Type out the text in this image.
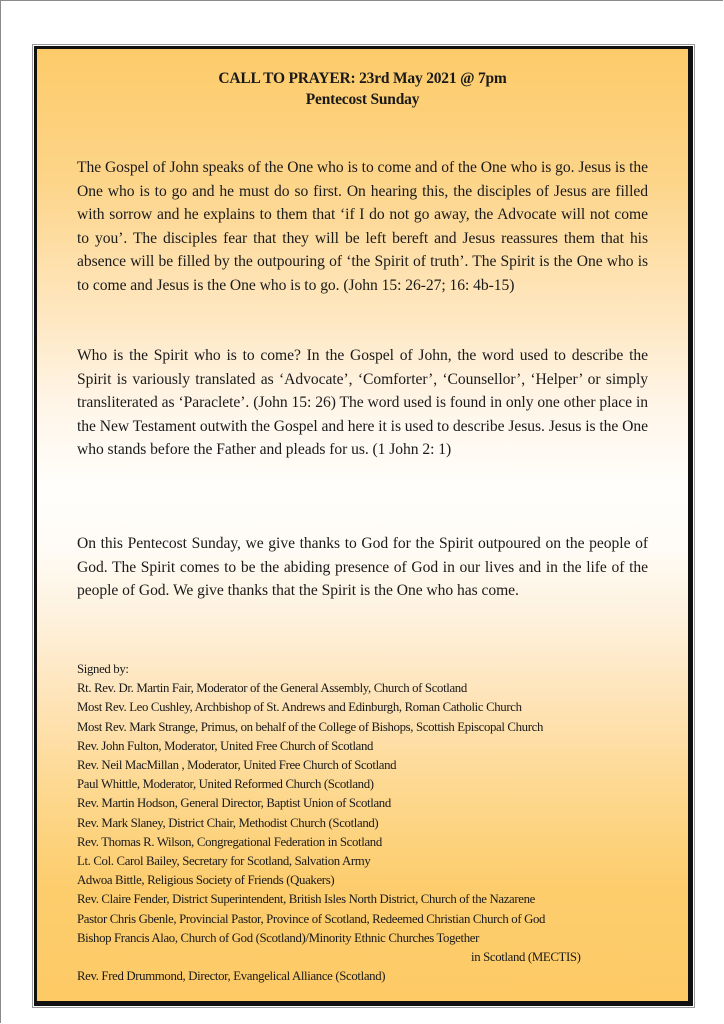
CALL TO PRAYER: 23rd May 2021 @ 7pm
Pentecost Sunday
The Gospel of John speaks of the One who is to come and of the One who is go. Jesus is the One who is to go and he must do so first. On hearing this, the disciples of Jesus are filled with sorrow and he explains to them that ‘if I do not go away, the Advocate will not come to you’. The disciples fear that they will be left bereft and Jesus reassures them that his absence will be filled by the outpouring of ‘the Spirit of truth’. The Spirit is the One who is to come and Jesus is the One who is to go. (John 15: 26-27; 16: 4b-15)
Who is the Spirit who is to come? In the Gospel of John, the word used to describe the Spirit is variously translated as ‘Advocate’, ‘Comforter’, ‘Counsellor’, ‘Helper’ or simply transliterated as ‘Paraclete’. (John 15: 26) The word used is found in only one other place in the New Testament outwith the Gospel and here it is used to describe Jesus. Jesus is the One who stands before the Father and pleads for us. (1 John 2: 1)
On this Pentecost Sunday, we give thanks to God for the Spirit outpoured on the people of God. The Spirit comes to be the abiding presence of God in our lives and in the life of the people of God. We give thanks that the Spirit is the One who has come.
Signed by:
Rt. Rev. Dr. Martin Fair, Moderator of the General Assembly, Church of Scotland
Most Rev. Leo Cushley, Archbishop of St. Andrews and Edinburgh, Roman Catholic Church
Most Rev. Mark Strange, Primus, on behalf of the College of Bishops, Scottish Episcopal Church
Rev. John Fulton, Moderator, United Free Church of Scotland
Rev. Neil MacMillan , Moderator, United Free Church of Scotland
Paul Whittle, Moderator, United Reformed Church (Scotland)
Rev. Martin Hodson, General Director, Baptist Union of Scotland
Rev. Mark Slaney, District Chair, Methodist Church (Scotland)
Rev. Thomas R. Wilson, Congregational Federation in Scotland
Lt. Col. Carol Bailey, Secretary for Scotland, Salvation Army
Adwoa Bittle, Religious Society of Friends (Quakers)
Rev. Claire Fender, District Superintendent, British Isles North District, Church of the Nazarene
Pastor Chris Gbenle, Provincial Pastor, Province of Scotland, Redeemed Christian Church of God
Bishop Francis Alao, Church of God (Scotland)/Minority Ethnic Churches Together
in Scotland (MECTIS)
Rev. Fred Drummond, Director, Evangelical Alliance (Scotland)
